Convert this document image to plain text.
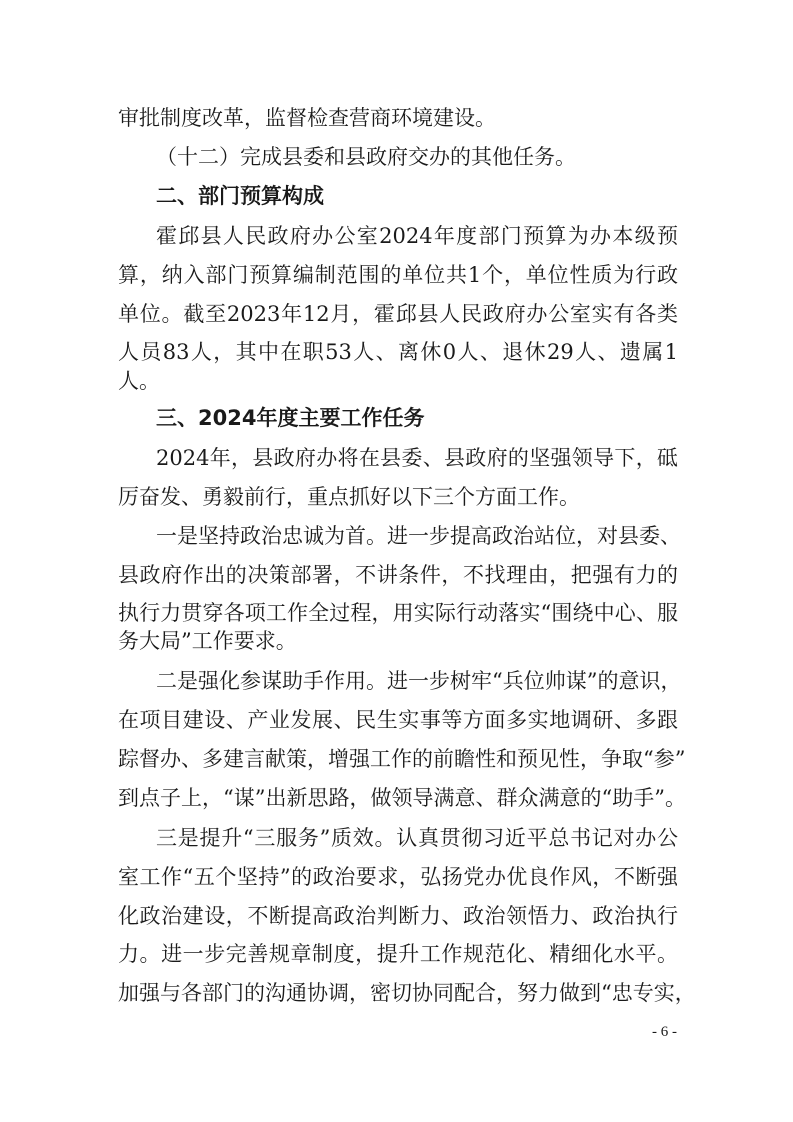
审批制度改革，监督检查营商环境建设。
（十二）完成县委和县政府交办的其他任务。
二、部门预算构成
霍邱县人民政府办公室2024年度部门预算为办本级预
算，纳入部门预算编制范围的单位共1个，单位性质为行政
单位。截至2023年12月，霍邱县人民政府办公室实有各类
人员83人，其中在职53人、离休0人、退休29人、遗属1
人。
三、2024年度主要工作任务
2024年，县政府办将在县委、县政府的坚强领导下，砥
厉奋发、勇毅前行，重点抓好以下三个方面工作。
一是坚持政治忠诚为首。进一步提高政治站位，对县委、
县政府作出的决策部署，不讲条件，不找理由，把强有力的
执行力贯穿各项工作全过程，用实际行动落实“围绕中心、服
务大局”工作要求。
二是强化参谋助手作用。进一步树牢“兵位帅谋”的意识，
在项目建设、产业发展、民生实事等方面多实地调研、多跟
踪督办、多建言献策，增强工作的前瞻性和预见性，争取“参”
到点子上，“谋”出新思路，做领导满意、群众满意的“助手”。
三是提升“三服务”质效。认真贯彻习近平总书记对办公
室工作“五个坚持”的政治要求，弘扬党办优良作风，不断强
化政治建设，不断提高政治判断力、政治领悟力、政治执行
力。进一步完善规章制度，提升工作规范化、精细化水平。
加强与各部门的沟通协调，密切协同配合，努力做到“忠专实，
- 6 -
